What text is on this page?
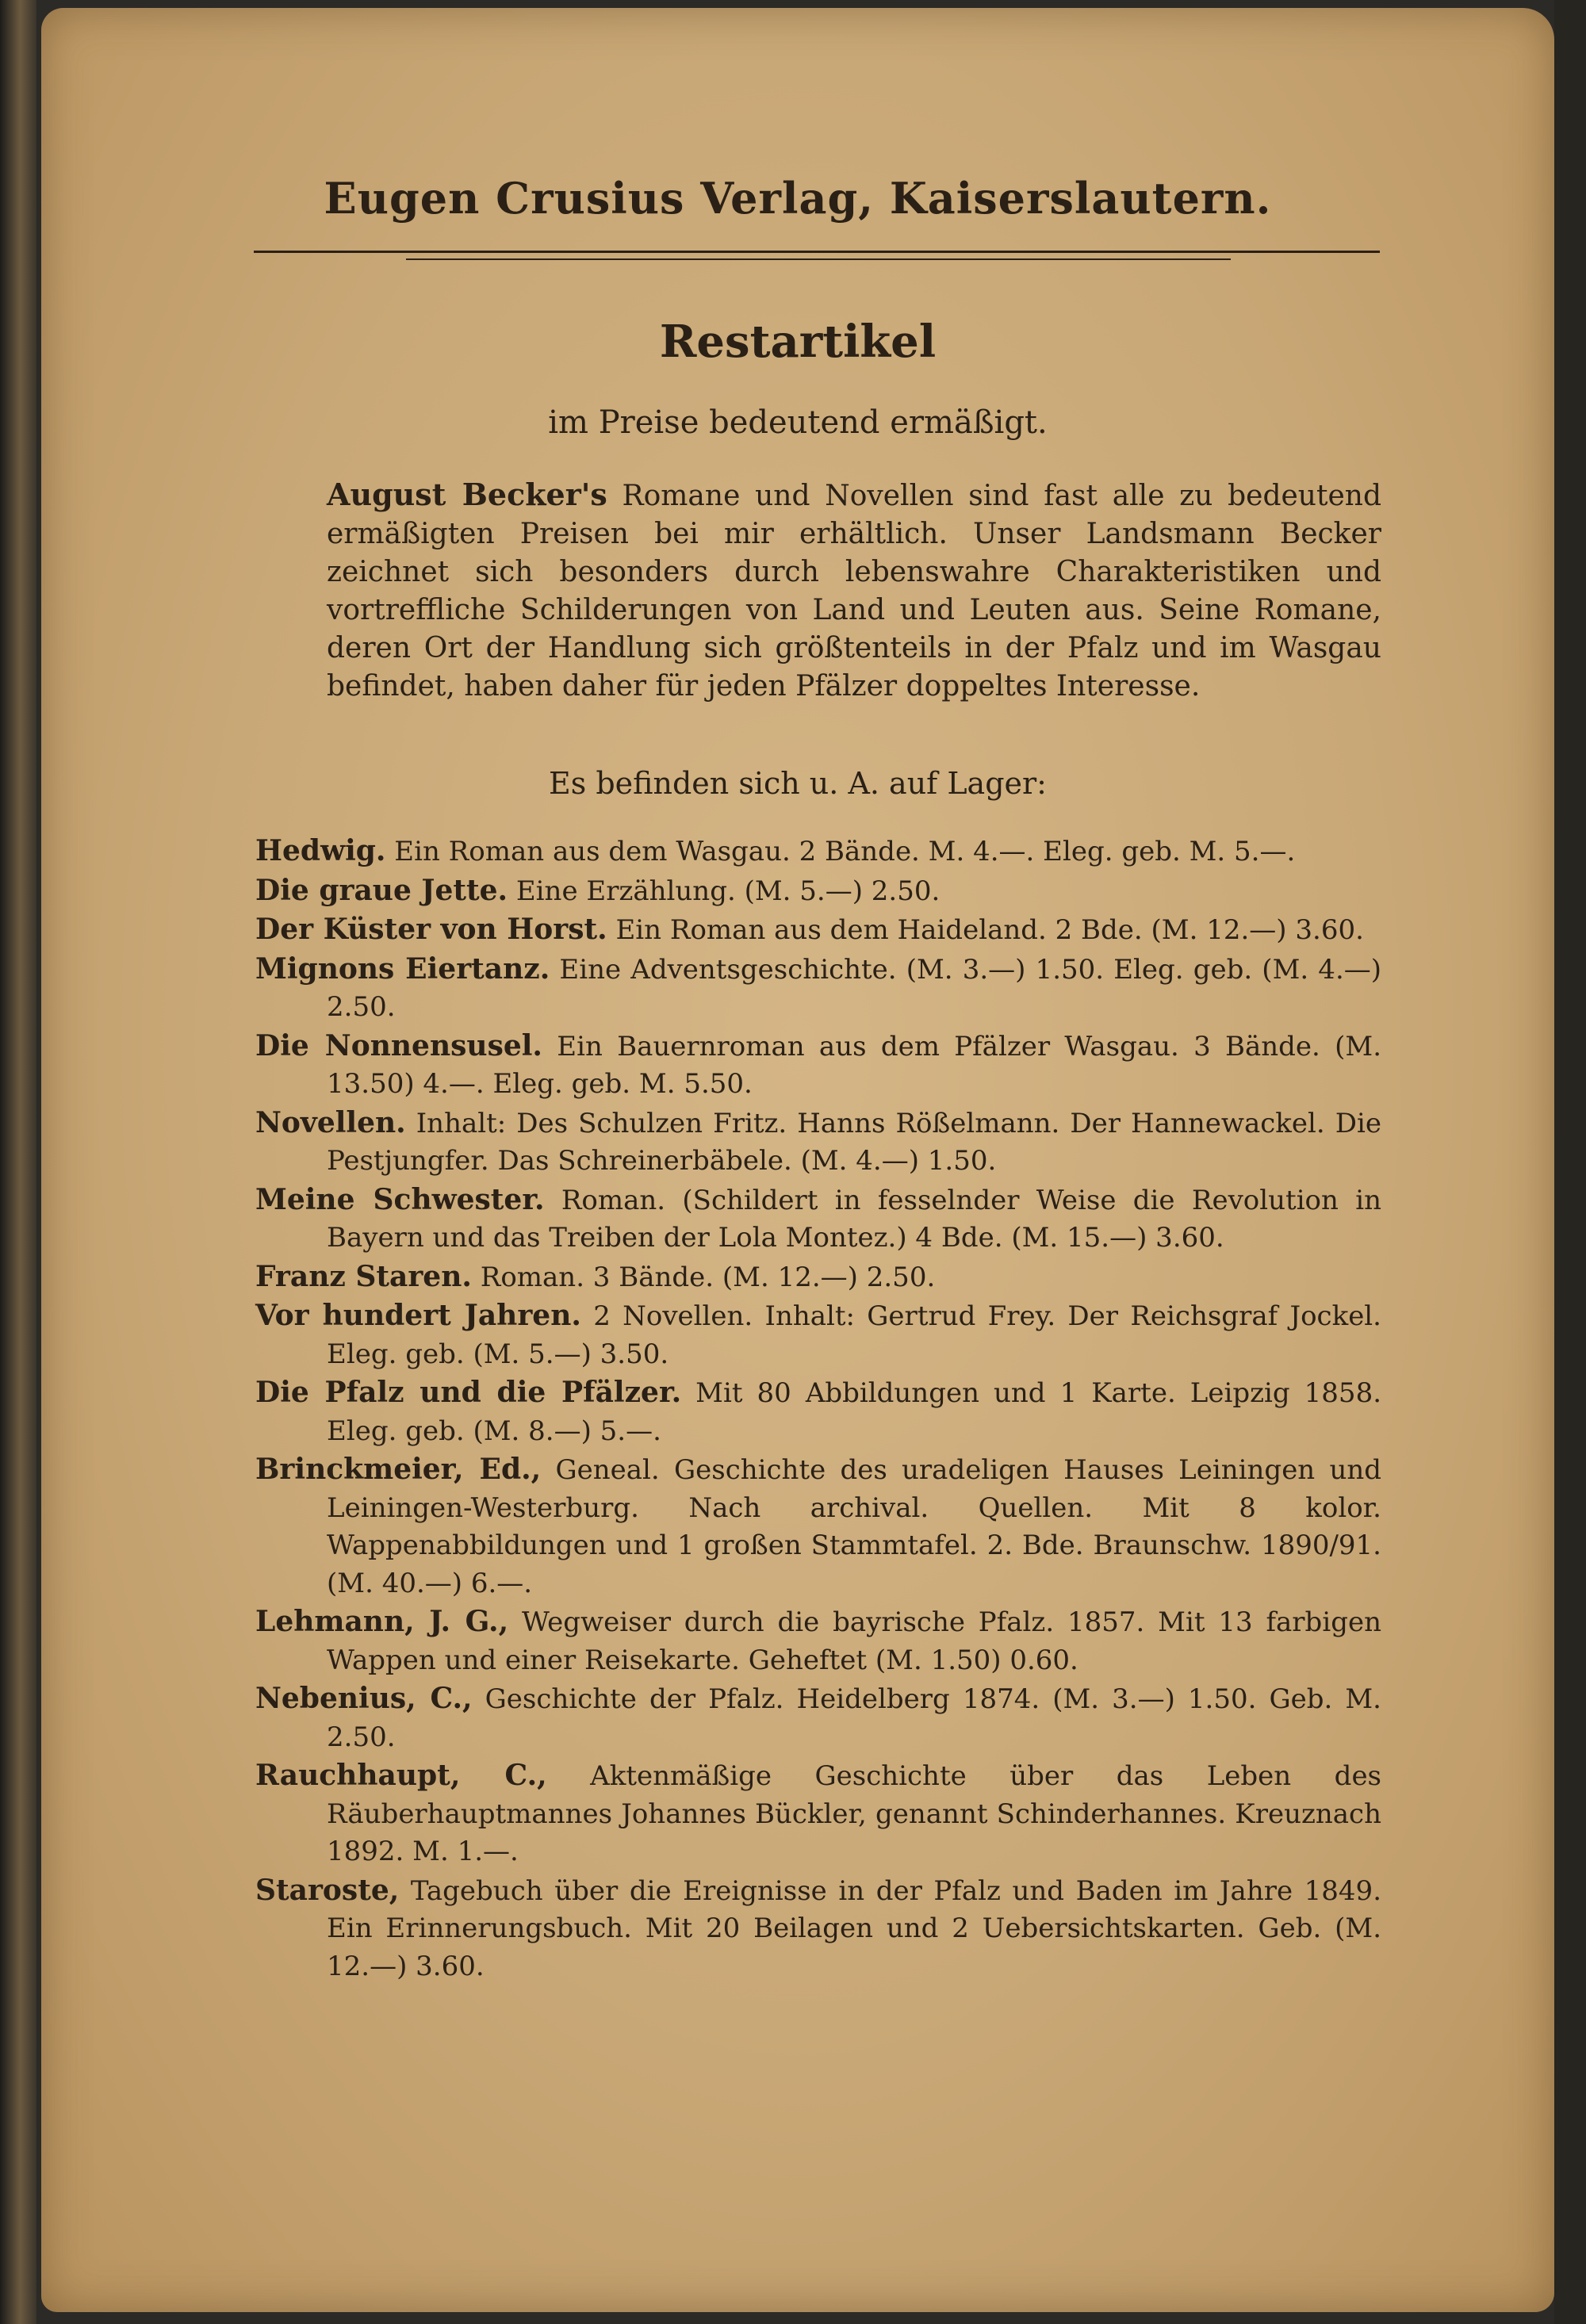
Eugen Crusius Verlag, Kaiserslautern.
Restartikel
im Preise bedeutend ermäßigt.
August Becker's Romane und Novellen sind fast alle zu bedeutend ermäßigten Preisen bei mir erhältlich. Unser Landsmann Becker zeichnet sich besonders durch lebenswahre Charakteristiken und vortreffliche Schilderungen von Land und Leuten aus. Seine Romane, deren Ort der Handlung sich größtenteils in der Pfalz und im Wasgau befindet, haben daher für jeden Pfälzer doppeltes Interesse.
Es befinden sich u. A. auf Lager:
Hedwig. Ein Roman aus dem Wasgau. 2 Bände. M. 4.—. Eleg. geb. M. 5.—.
Die graue Jette. Eine Erzählung. (M. 5.—) 2.50.
Der Küster von Horst. Ein Roman aus dem Haideland. 2 Bde. (M. 12.—) 3.60.
Mignons Eiertanz. Eine Adventsgeschichte. (M. 3.—) 1.50. Eleg. geb. (M. 4.—) 2.50.
Die Nonnensusel. Ein Bauernroman aus dem Pfälzer Wasgau. 3 Bände. (M. 13.50) 4.—. Eleg. geb. M. 5.50.
Novellen. Inhalt: Des Schulzen Fritz. Hanns Rößelmann. Der Hannewackel. Die Pestjungfer. Das Schreinerbäbele. (M. 4.—) 1.50.
Meine Schwester. Roman. (Schildert in fesselnder Weise die Revolution in Bayern und das Treiben der Lola Montez.) 4 Bde. (M. 15.—) 3.60.
Franz Staren. Roman. 3 Bände. (M. 12.—) 2.50.
Vor hundert Jahren. 2 Novellen. Inhalt: Gertrud Frey. Der Reichsgraf Jockel. Eleg. geb. (M. 5.—) 3.50.
Die Pfalz und die Pfälzer. Mit 80 Abbildungen und 1 Karte. Leipzig 1858. Eleg. geb. (M. 8.—) 5.—.
Brinckmeier, Ed., Geneal. Geschichte des uradeligen Hauses Leiningen und Leiningen-Westerburg. Nach archival. Quellen. Mit 8 kolor. Wappenabbildungen und 1 großen Stammtafel. 2. Bde. Braunschw. 1890/91. (M. 40.—) 6.—.
Lehmann, J. G., Wegweiser durch die bayrische Pfalz. 1857. Mit 13 farbigen Wappen und einer Reisekarte. Geheftet (M. 1.50) 0.60.
Nebenius, C., Geschichte der Pfalz. Heidelberg 1874. (M. 3.—) 1.50. Geb. M. 2.50.
Rauchhaupt, C., Aktenmäßige Geschichte über das Leben des Räuberhauptmannes Johannes Bückler, genannt Schinderhannes. Kreuznach 1892. M. 1.—.
Staroste, Tagebuch über die Ereignisse in der Pfalz und Baden im Jahre 1849. Ein Erinnerungsbuch. Mit 20 Beilagen und 2 Uebersichtskarten. Geb. (M. 12.—) 3.60.
